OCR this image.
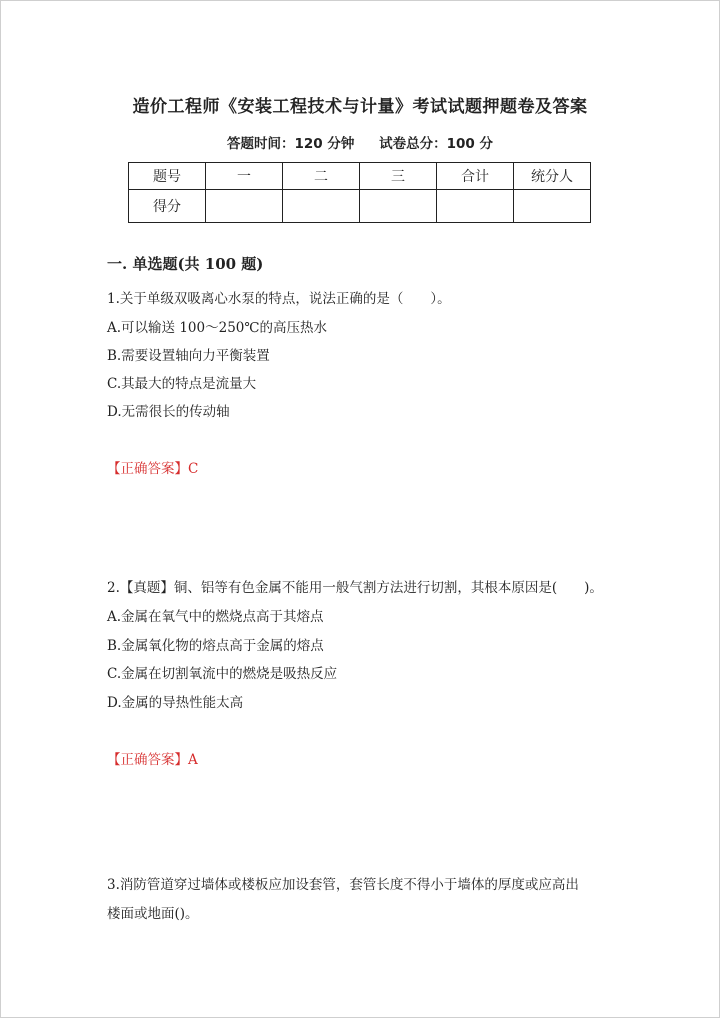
造价工程师《安装工程技术与计量》考试试题押题卷及答案
答题时间：120 分钟 试卷总分：100 分
题号	一	二	三	合计	统分人
得分					
一. 单选题(共 100 题)
1.关于单级双吸离心水泵的特点，说法正确的是（　　）。
A.可以输送 100～250℃的高压热水
B.需要设置轴向力平衡装置
C.其最大的特点是流量大
D.无需很长的传动轴
【正确答案】C
2.【真题】铜、铝等有色金属不能用一般气割方法进行切割，其根本原因是(　　)。
A.金属在氧气中的燃烧点高于其熔点
B.金属氧化物的熔点高于金属的熔点
C.金属在切割氧流中的燃烧是吸热反应
D.金属的导热性能太高
【正确答案】A
3.消防管道穿过墙体或楼板应加设套管，套管长度不得小于墙体的厚度或应高出
楼面或地面()。
